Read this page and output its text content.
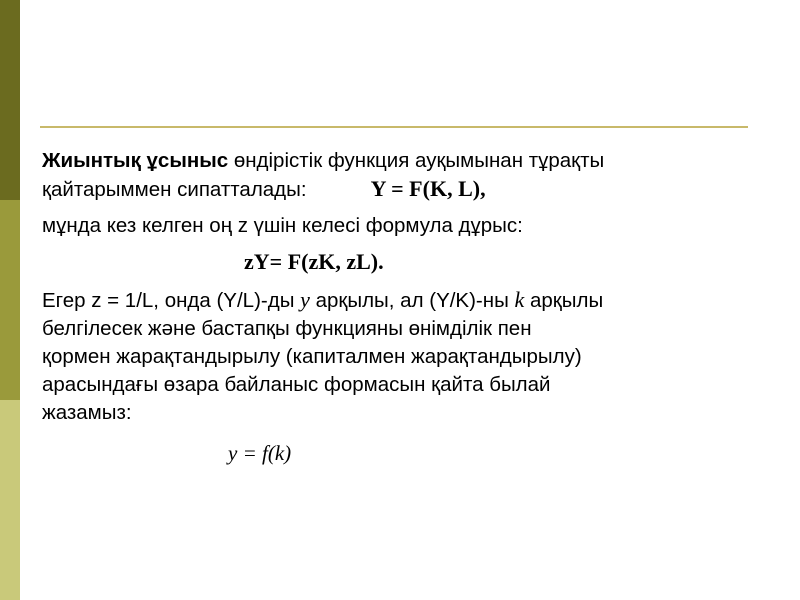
Жиынтық ұсыныс өндірістік функция ауқымынан тұрақты
қайтарыммен сипатталады:	Y = F(K, L),

мұнда кез келген оң z үшін келесі формула дұрыс:

zY= F(zK, zL).

Егер z = 1/L, онда (Y/L)-ды y арқылы, ал (Y/K)-ны k арқылы
белгілесек және бастапқы функцияны өнімділік пен
қормен жарақтандырылу (капиталмен жарақтандырылу)
арасындағы өзара байланыс формасын қайта былай
жазамыз:

y = f(k)
